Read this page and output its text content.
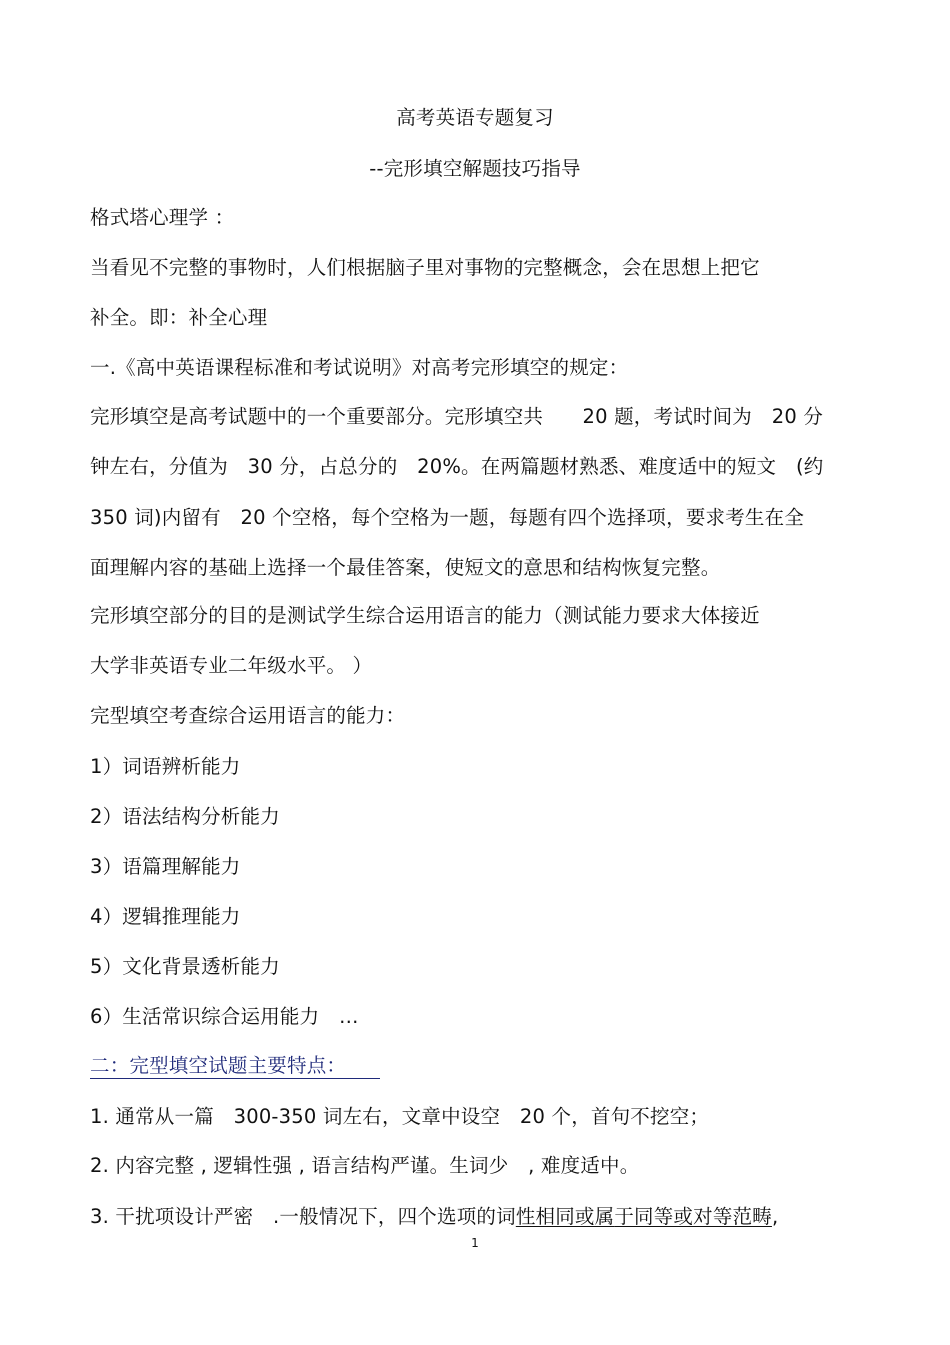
高考英语专题复习
--完形填空解题技巧指导
格式塔心理学 ：
当看见不完整的事物时，人们根据脑子里对事物的完整概念，会在思想上把它
补全。即：补全心理
一.《高中英语课程标准和考试说明》对高考完形填空的规定：
完形填空是高考试题中的一个重要部分。完形填空共　　20 题，考试时间为　20 分
钟左右，分值为　30 分，占总分的　20%。在两篇题材熟悉、难度适中的短文　(约
350 词)内留有　20 个空格，每个空格为一题，每题有四个选择项，要求考生在全
面理解内容的基础上选择一个最佳答案，使短文的意思和结构恢复完整。
完形填空部分的目的是测试学生综合运用语言的能力（测试能力要求大体接近
大学非英语专业二年级水平。 ）
完型填空考查综合运用语言的能力：
1）词语辨析能力
2）语法结构分析能力
3）语篇理解能力
4）逻辑推理能力
5）文化背景透析能力
6）生活常识综合运用能力　…
二：完型填空试题主要特点：
1. 通常从一篇　300-350 词左右，文章中设空　20 个，首句不挖空；
2. 内容完整 , 逻辑性强 , 语言结构严谨。生词少　, 难度适中。
3. 干扰项设计严密　.一般情况下，四个选项的词性相同或属于同等或对等范畴,
1
